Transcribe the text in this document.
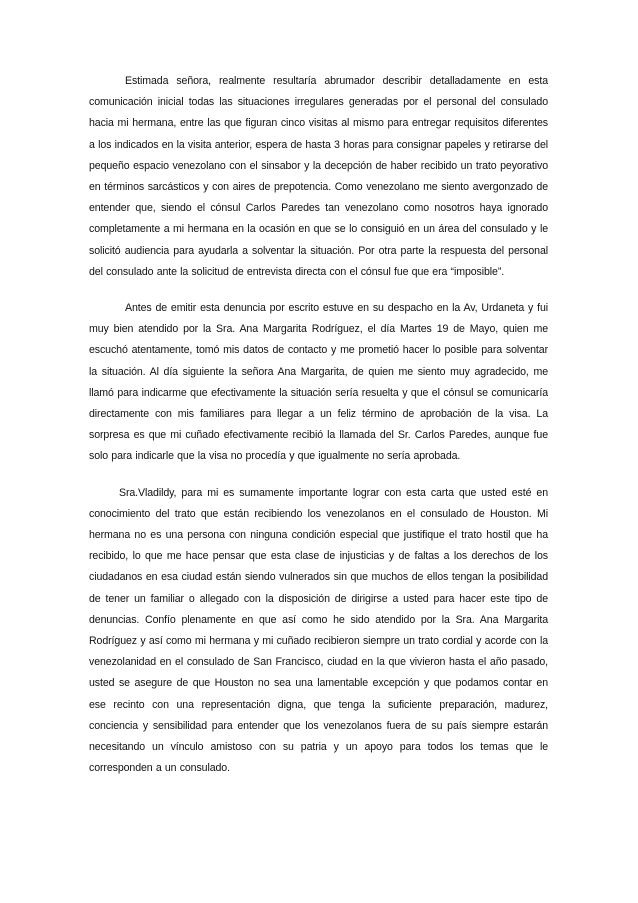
Estimada señora, realmente resultaría abrumador describir detalladamente en esta comunicación inicial todas las situaciones irregulares generadas por el personal del consulado hacia mi hermana, entre las que figuran cinco visitas al mismo para entregar requisitos diferentes a los indicados en la visita anterior, espera de hasta 3 horas para consignar papeles y retirarse del pequeño espacio venezolano con el sinsabor y la decepción de haber recibido un trato peyorativo en términos sarcásticos y con aires de prepotencia. Como venezolano me siento avergonzado de entender que, siendo el cónsul Carlos Paredes tan venezolano como nosotros haya ignorado completamente a mi hermana en la ocasión en que se lo consiguió en un área del consulado y le solicitó audiencia para ayudarla a solventar la situación. Por otra parte la respuesta del personal del consulado ante la solicitud de entrevista directa con el cónsul fue que era “imposible”.

Antes de emitir esta denuncia por escrito estuve en su despacho en la Av, Urdaneta y fui muy bien atendido por la Sra. Ana Margarita Rodríguez, el día Martes 19 de Mayo, quien me escuchó atentamente, tomó mis datos de contacto y me prometió hacer lo posible para solventar la situación. Al día siguiente la señora Ana Margarita, de quien me siento muy agradecido, me llamó para indicarme que efectivamente la situación sería resuelta y que el cónsul se comunicaría directamente con mis familiares para llegar a un feliz término de aprobación de la visa. La sorpresa es que mi cuñado efectivamente recibió la llamada del Sr. Carlos Paredes, aunque fue solo para indicarle que la visa no procedía y que igualmente no sería aprobada.

Sra.Vladildy, para mi es sumamente importante lograr con esta carta que usted esté en conocimiento del trato que están recibiendo los venezolanos en el consulado de Houston. Mi hermana no es una persona con ninguna condición especial que justifique el trato hostil que ha recibido, lo que me hace pensar que esta clase de injusticias y de faltas a los derechos de los ciudadanos en esa ciudad están siendo vulnerados sin que muchos de ellos tengan la posibilidad de tener un familiar o allegado con la disposición de dirigirse a usted para hacer este tipo de denuncias. Confío plenamente en que así como he sido atendido por la Sra. Ana Margarita Rodríguez y así como mi hermana y mi cuñado recibieron siempre un trato cordial y acorde con la venezolanidad en el consulado de San Francisco, ciudad en la que vivieron hasta el año pasado, usted se asegure de que Houston no sea una lamentable excepción y que podamos contar en ese recinto con una representación digna, que tenga la suficiente preparación, madurez, conciencia y sensibilidad para entender que los venezolanos fuera de su país siempre estarán necesitando un vínculo amistoso con su patria y un apoyo para todos los temas que le corresponden a un consulado.
